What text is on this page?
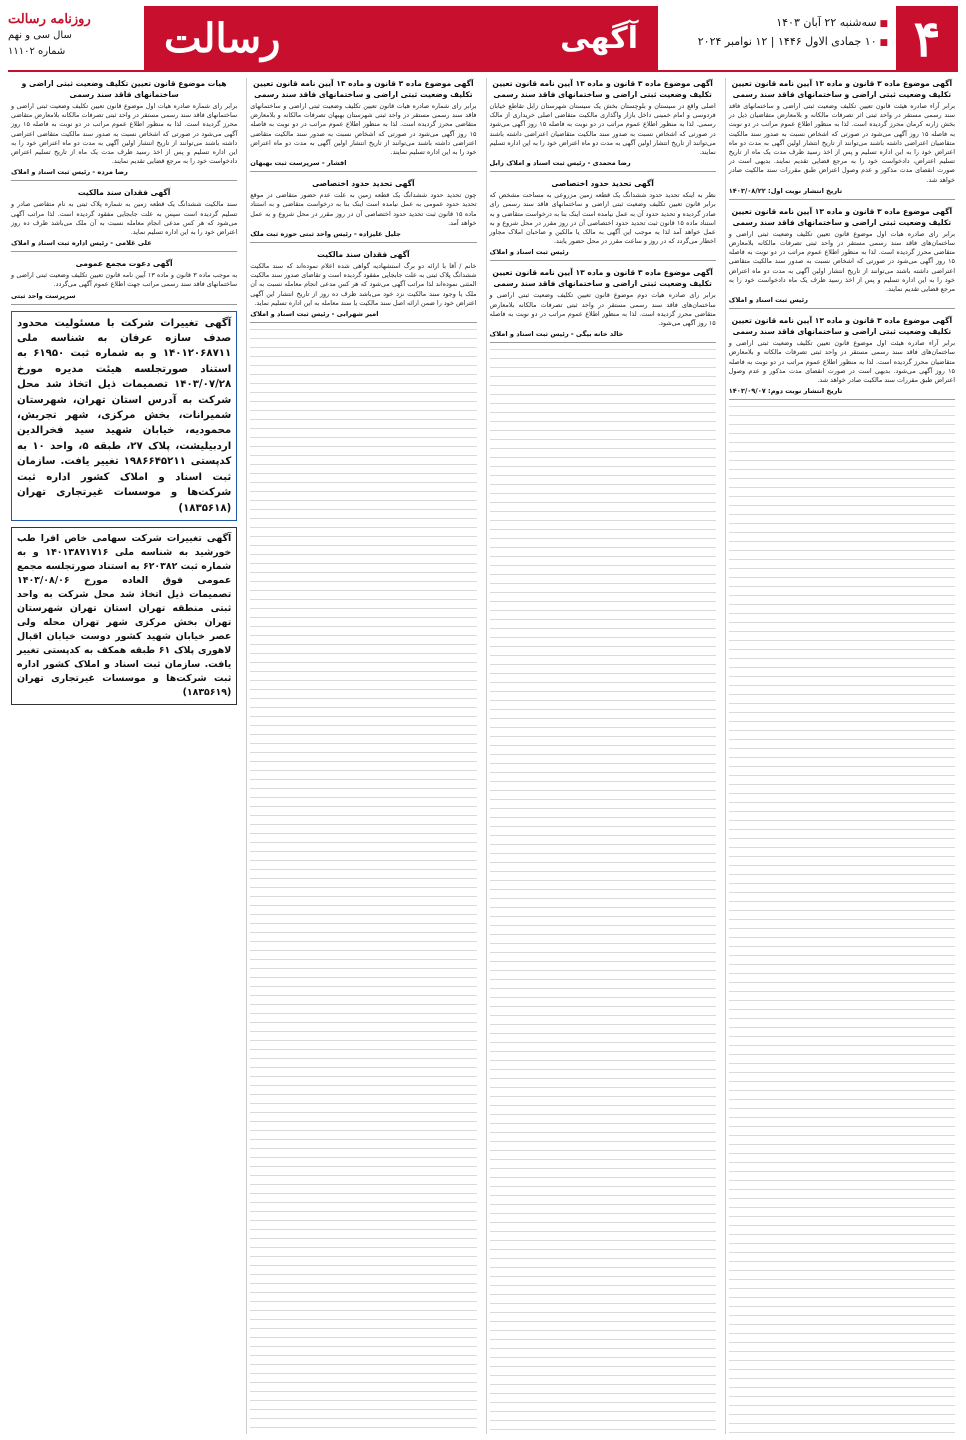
۴
■ سه‌شنبه ۲۲ آبان ۱۴۰۳
■ ۱۰ جمادی الاول ۱۴۴۶ | ۱۲ نوامبر ۲۰۲۴
آگهی
رسالت
روزنامه رسالت
سال سی و نهم
شماره ۱۱۱۰۲
آگهی موضوع ماده ۳ قانون و ماده ۱۳ آیین نامه قانون تعیین تکلیف وضعیت ثبتی اراضی و ساختمانهای فاقد سند رسمی
برابر آراء صادره هیئت قانون تعیین تکلیف وضعیت ثبتی اراضی و ساختمانهای فاقد سند رسمی مستقر در واحد ثبتی اثر تصرفات مالکانه و بلامعارض متقاضیان ذیل در بخش زارنه کرمان محرز گردیده است. لذا به منظور اطلاع عموم مراتب در دو نوبت به فاصله ۱۵ روز آگهی می‌شود در صورتی که اشخاص نسبت به صدور سند مالکیت متقاضیان اعتراضی داشته باشند می‌توانند از تاریخ انتشار اولین آگهی به مدت دو ماه اعتراض خود را به این اداره تسلیم و پس از اخذ رسید ظرف مدت یک ماه از تاریخ تسلیم اعتراض، دادخواست خود را به مرجع قضایی تقدیم نمایند. بدیهی است در صورت انقضای مدت مذکور و عدم وصول اعتراض طبق مقررات سند مالکیت صادر خواهد شد.
تاریخ انتشار نوبت اول: ۱۴۰۳/۰۸/۲۲
آگهی موضوع ماده ۳ قانون و ماده ۱۳ آیین نامه قانون تعیین تکلیف وضعیت ثبتی اراضی و ساختمانهای فاقد سند رسمی
برابر رای صادره هیات اول موضوع قانون تعیین تکلیف وضعیت ثبتی اراضی و ساختمان‌های فاقد سند رسمی مستقر در واحد ثبتی تصرفات مالکانه بلامعارض متقاضی محرز گردیده است. لذا به منظور اطلاع عموم مراتب در دو نوبت به فاصله ۱۵ روز آگهی می‌شود در صورتی که اشخاص نسبت به صدور سند مالکیت متقاضی اعتراضی داشته باشند می‌توانند از تاریخ انتشار اولین آگهی به مدت دو ماه اعتراض خود را به این اداره تسلیم و پس از اخذ رسید ظرف یک ماه دادخواست خود را به مرجع قضایی تقدیم نمایند.
رئیس ثبت اسناد و املاک
آگهی موضوع ماده ۳ قانون و ماده ۱۳ آیین نامه قانون تعیین تکلیف وضعیت ثبتی اراضی و ساختمانهای فاقد سند رسمی
برابر آراء صادره هیئت اول موضوع قانون تعیین تکلیف وضعیت ثبتی اراضی و ساختمان‌های فاقد سند رسمی مستقر در واحد ثبتی تصرفات مالکانه و بلامعارض متقاضیان محرز گردیده است. لذا به منظور اطلاع عموم مراتب در دو نوبت به فاصله ۱۵ روز آگهی می‌شود. بدیهی است در صورت انقضای مدت مذکور و عدم وصول اعتراض طبق مقررات سند مالکیت صادر خواهد شد.
تاریخ انتشار نوبت دوم: ۱۴۰۳/۰۹/۰۷
آگهی موضوع ماده ۳ قانون و ماده ۱۳ آیین نامه قانون تعیین تکلیف وضعیت ثبتی اراضی و ساختمانهای فاقد سند رسمی
اصلی واقع در سیستان و بلوچستان بخش یک سیستان شهرستان زابل تقاطع خیابان فردوسی و امام خمینی داخل بازار واگذاری مالکیت متقاضی اصلی خریداری از مالک رسمی. لذا به منظور اطلاع عموم مراتب در دو نوبت به فاصله ۱۵ روز آگهی می‌شود در صورتی که اشخاص نسبت به صدور سند مالکیت متقاضیان اعتراضی داشته باشند می‌توانند از تاریخ انتشار اولین آگهی به مدت دو ماه اعتراض خود را به این اداره تسلیم نمایند.
رضا محمدی - رئیس ثبت اسناد و املاک زابل
آگهی تحدید حدود اختصاصی
نظر به اینکه تحدید حدود ششدانگ یک قطعه زمین مزروعی به مساحت مشخص که برابر قانون تعیین تکلیف وضعیت ثبتی اراضی و ساختمانهای فاقد سند رسمی رای صادر گردیده و تحدید حدود آن به عمل نیامده است اینک بنا به درخواست متقاضی و به استناد ماده ۱۵ قانون ثبت تحدید حدود اختصاصی آن در روز مقرر در محل شروع و به عمل خواهد آمد لذا به موجب این آگهی به مالک یا مالکین و صاحبان املاک مجاور اخطار می‌گردد که در روز و ساعت مقرر در محل حضور یابند.
رئیس ثبت اسناد و املاک
آگهی موضوع ماده ۳ قانون و ماده ۱۳ آیین نامه قانون تعیین تکلیف وضعیت ثبتی اراضی و ساختمانهای فاقد سند رسمی
برابر رای صادره هیات دوم موضوع قانون تعیین تکلیف وضعیت ثبتی اراضی و ساختمان‌های فاقد سند رسمی مستقر در واحد ثبتی تصرفات مالکانه بلامعارض متقاضی محرز گردیده است. لذا به منظور اطلاع عموم مراتب در دو نوبت به فاصله ۱۵ روز آگهی می‌شود.
خالد خانه بیگی - رئیس ثبت اسناد و املاک
آگهی موضوع ماده ۳ قانون و ماده ۱۳ آیین نامه قانون تعیین تکلیف وضعیت ثبتی اراضی و ساختمانهای فاقد سند رسمی
برابر رای شماره صادره هیات قانون تعیین تکلیف وضعیت ثبتی اراضی و ساختمانهای فاقد سند رسمی مستقر در واحد ثبتی شهرستان بهبهان تصرفات مالکانه و بلامعارض متقاضی محرز گردیده است. لذا به منظور اطلاع عموم مراتب در دو نوبت به فاصله ۱۵ روز آگهی می‌شود در صورتی که اشخاص نسبت به صدور سند مالکیت متقاضی اعتراضی داشته باشند می‌توانند از تاریخ انتشار اولین آگهی به مدت دو ماه اعتراض خود را به این اداره تسلیم نمایند.
افشار - سرپرست ثبت بهبهان
آگهی تحدید حدود اختصاصی
چون تحدید حدود ششدانگ یک قطعه زمین به علت عدم حضور متقاضی در موقع تحدید حدود عمومی به عمل نیامده است اینک بنا به درخواست متقاضی و به استناد ماده ۱۵ قانون ثبت تحدید حدود اختصاصی آن در روز مقرر در محل شروع و به عمل خواهد آمد.
جلیل علیزاده - رئیس واحد ثبتی حوزه ثبت ملک
آگهی فقدان سند مالکیت
خانم / آقا با ارائه دو برگ استشهادیه گواهی شده اعلام نموده‌اند که سند مالکیت ششدانگ پلاک ثبتی به علت جابجایی مفقود گردیده است و تقاضای صدور سند مالکیت المثنی نموده‌اند لذا مراتب آگهی می‌شود که هر کس مدعی انجام معامله نسبت به آن ملک یا وجود سند مالکیت نزد خود می‌باشد ظرف ده روز از تاریخ انتشار این آگهی اعتراض خود را ضمن ارائه اصل سند مالکیت یا سند معامله به این اداره تسلیم نماید.
امیر شهرابی - رئیس ثبت اسناد و املاک
هیات موضوع قانون تعیین تکلیف وضعیت ثبتی اراضی و ساختمانهای فاقد سند رسمی
برابر رای شماره صادره هیات اول موضوع قانون تعیین تکلیف وضعیت ثبتی اراضی و ساختمانهای فاقد سند رسمی مستقر در واحد ثبتی تصرفات مالکانه بلامعارض متقاضی محرز گردیده است. لذا به منظور اطلاع عموم مراتب در دو نوبت به فاصله ۱۵ روز آگهی می‌شود در صورتی که اشخاص نسبت به صدور سند مالکیت متقاضی اعتراضی داشته باشند می‌توانند از تاریخ انتشار اولین آگهی به مدت دو ماه اعتراض خود را به این اداره تسلیم و پس از اخذ رسید ظرف مدت یک ماه از تاریخ تسلیم اعتراض دادخواست خود را به مرجع قضایی تقدیم نمایند.
رضا مرده - رئیس ثبت اسناد و املاک
آگهی فقدان سند مالکیت
سند مالکیت ششدانگ یک قطعه زمین به شماره پلاک ثبتی به نام متقاضی صادر و تسلیم گردیده است سپس به علت جابجایی مفقود گردیده است. لذا مراتب آگهی می‌شود که هر کس مدعی انجام معامله نسبت به آن ملک می‌باشد ظرف ده روز اعتراض خود را به این اداره تسلیم نماید.
علی غلامی - رئیس اداره ثبت اسناد و املاک
آگهی دعوت مجمع عمومی
به موجب ماده ۳ قانون و ماده ۱۳ آیین نامه قانون تعیین تکلیف وضعیت ثبتی اراضی و ساختمانهای فاقد سند رسمی مراتب جهت اطلاع عموم آگهی می‌گردد.
سرپرست واحد ثبتی
آگهی تغییرات شرکت با مسئولیت محدود صدف سازه عرفان به شناسه ملی ۱۴۰۱۲۰۶۸۷۱۱ و به شماره ثبت ۶۱۹۵۰ به استناد صورتجلسه هیئت مدیره مورخ ۱۴۰۳/۰۷/۲۸ تصمیمات ذیل اتخاذ شد محل شرکت به آدرس استان تهران، شهرستان شمیرانات، بخش مرکزی، شهر تجریش، محموديه، خیابان شهید سید فخرالدین اردبیلیشت، پلاک ۲۷، طبقه ۵، واحد ۱۰ به کدپستی ۱۹۸۶۶۴۵۲۱۱ تغییر یافت. سازمان ثبت اسناد و املاک کشور اداره ثبت شرکت‌ها و موسسات غیرتجاری تهران (۱۸۳۵۶۱۸)
آگهی تغییرات شرکت سهامی خاص افرا طب خورشید به شناسه ملی ۱۴۰۱۳۸۷۱۷۱۶ و به شماره ثبت ۶۲۰۳۸۲ به استناد صورتجلسه مجمع عمومی فوق العاده مورخ ۱۴۰۳/۰۸/۰۶ تصمیمات ذیل اتخاذ شد محل شرکت به واحد ثبتی منطقه تهران استان تهران شهرستان تهران بخش مرکزی شهر تهران محله ولی عصر خیابان شهید کشور دوست خیابان اقبال لاهوری پلاک ۶۱ طبقه همکف به کدپستی تغییر یافت. سازمان ثبت اسناد و املاک کشور اداره ثبت شرکت‌ها و موسسات غیرتجاری تهران (۱۸۳۵۶۱۹)
